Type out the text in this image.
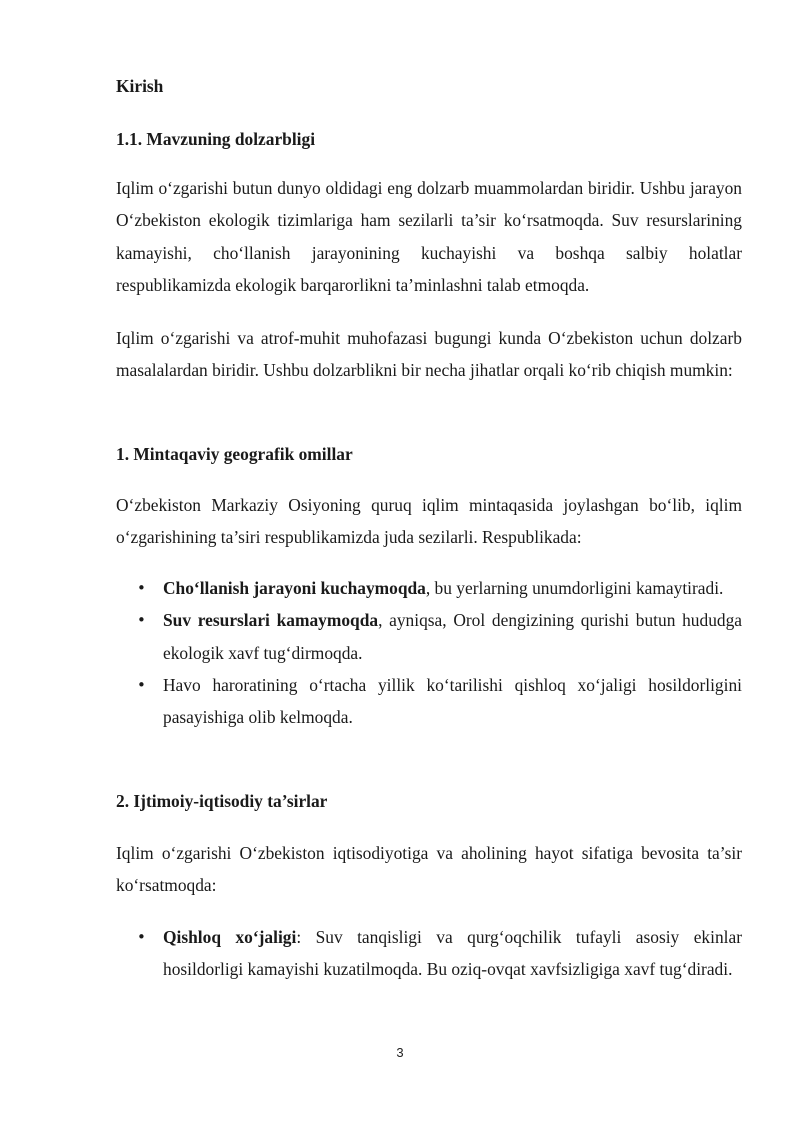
Kirish

1.1. Mavzuning dolzarbligi

Iqlim o‘zgarishi butun dunyo oldidagi eng dolzarb muammolardan biridir. Ushbu jarayon O‘zbekiston ekologik tizimlariga ham sezilarli ta’sir ko‘rsatmoqda. Suv resurslarining kamayishi, cho‘llanish jarayonining kuchayishi va boshqa salbiy holatlar respublikamizda ekologik barqarorlikni ta’minlashni talab etmoqda.

Iqlim o‘zgarishi va atrof-muhit muhofazasi bugungi kunda O‘zbekiston uchun dolzarb masalalardan biridir. Ushbu dolzarblikni bir necha jihatlar orqali ko‘rib chiqish mumkin:

1. Mintaqaviy geografik omillar

O‘zbekiston Markaziy Osiyoning quruq iqlim mintaqasida joylashgan bo‘lib, iqlim o‘zgarishining ta’siri respublikamizda juda sezilarli. Respublikada:

• Cho‘llanish jarayoni kuchaymoqda, bu yerlarning unumdorligini kamaytiradi.
• Suv resurslari kamaymoqda, ayniqsa, Orol dengizining qurishi butun hududga ekologik xavf tug‘dirmoqda.
• Havo haroratining o‘rtacha yillik ko‘tarilishi qishloq xo‘jaligi hosildorligini pasayishiga olib kelmoqda.

2. Ijtimoiy-iqtisodiy ta’sirlar

Iqlim o‘zgarishi O‘zbekiston iqtisodiyotiga va aholining hayot sifatiga bevosita ta’sir ko‘rsatmoqda:

• Qishloq xo‘jaligi: Suv tanqisligi va qurg‘oqchilik tufayli asosiy ekinlar hosildorligi kamayishi kuzatilmoqda. Bu oziq-ovqat xavfsizligiga xavf tug‘diradi.
3
